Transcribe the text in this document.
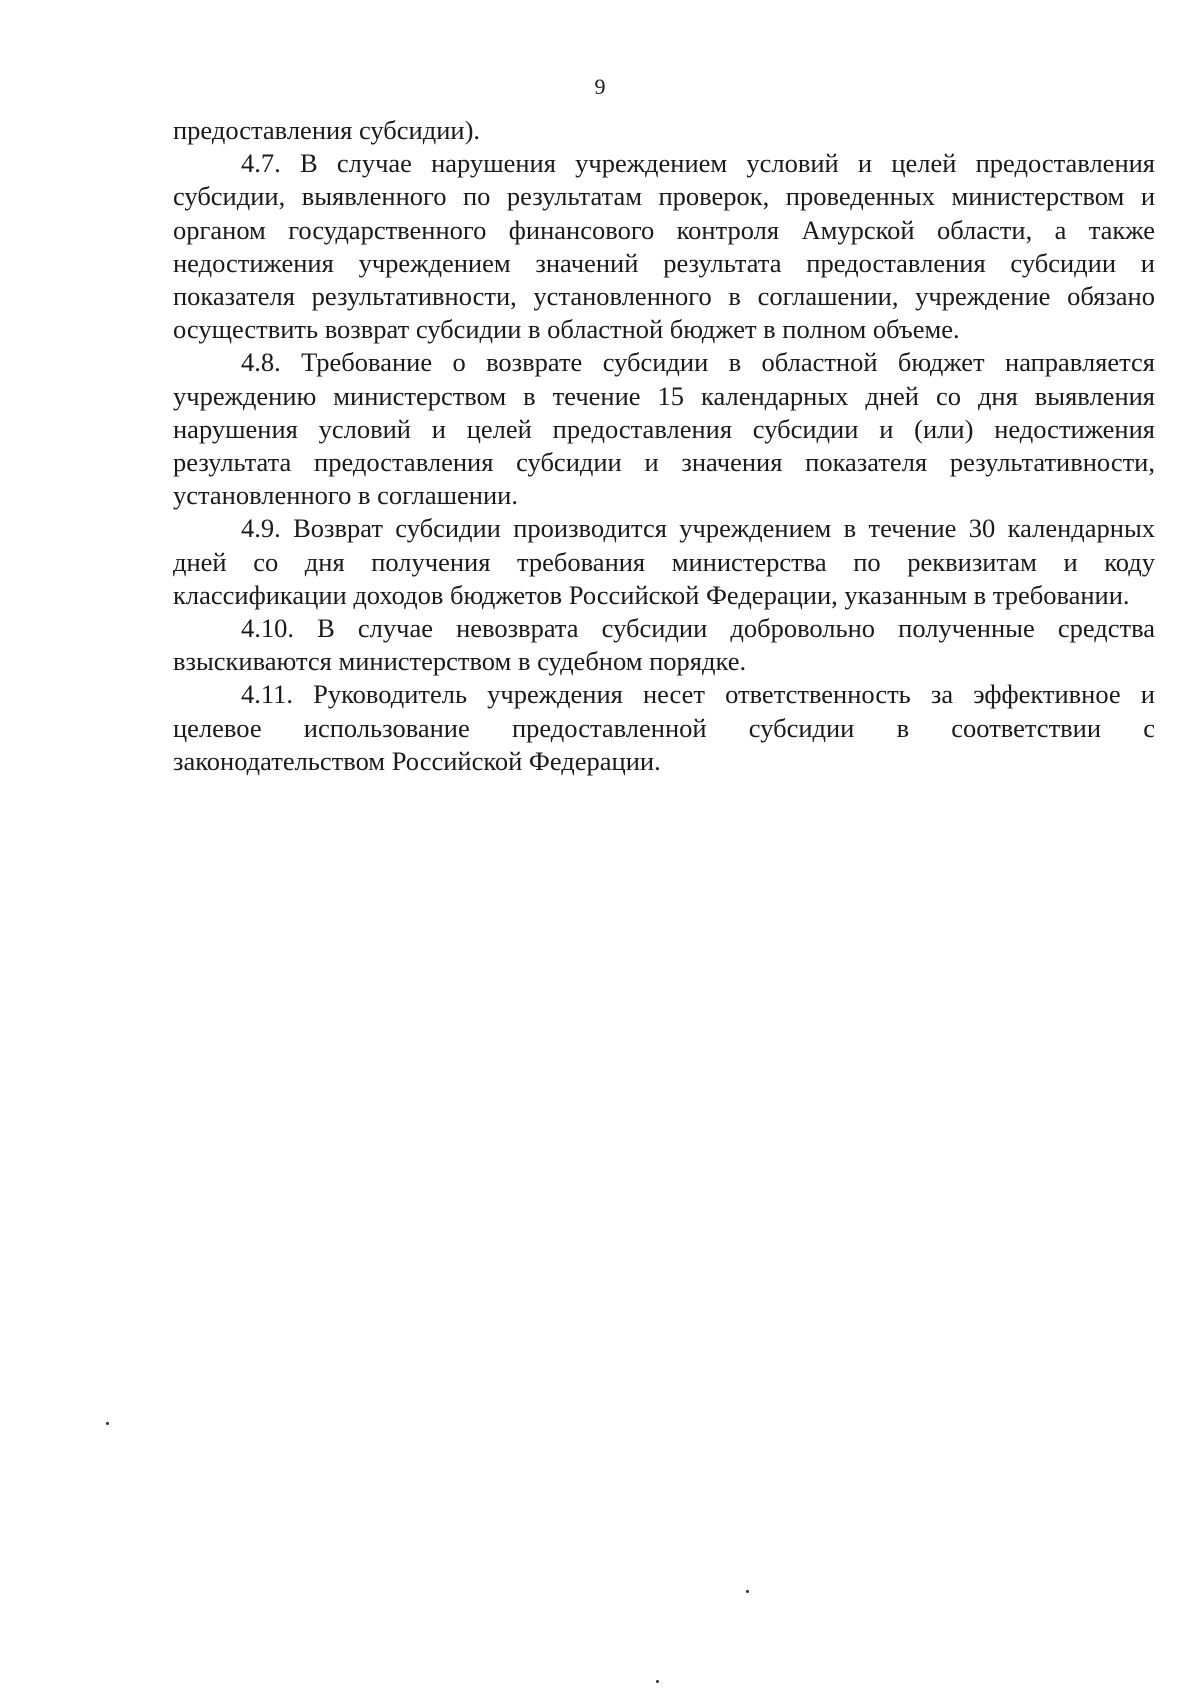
9

предоставления субсидии).

4.7. В случае нарушения учреждением условий и целей предоставления субсидии, выявленного по результатам проверок, проведенных министерством и органом государственного финансового контроля Амурской области, а также недостижения учреждением значений результата предоставления субсидии и показателя результативности, установленного в соглашении, учреждение обязано осуществить возврат субсидии в областной бюджет в полном объеме.

4.8. Требование о возврате субсидии в областной бюджет направляется учреждению министерством в течение 15 календарных дней со дня выявления нарушения условий и целей предоставления субсидии и (или) недостижения результата предоставления субсидии и значения показателя результативности, установленного в соглашении.

4.9. Возврат субсидии производится учреждением в течение 30 календарных дней со дня получения требования министерства по реквизитам и коду классификации доходов бюджетов Российской Федерации, указанным в требовании.

4.10. В случае невозврата субсидии добровольно полученные средства взыскиваются министерством в судебном порядке.

4.11. Руководитель учреждения несет ответственность за эффективное и целевое использование предоставленной субсидии в соответствии с законодательством Российской Федерации.
